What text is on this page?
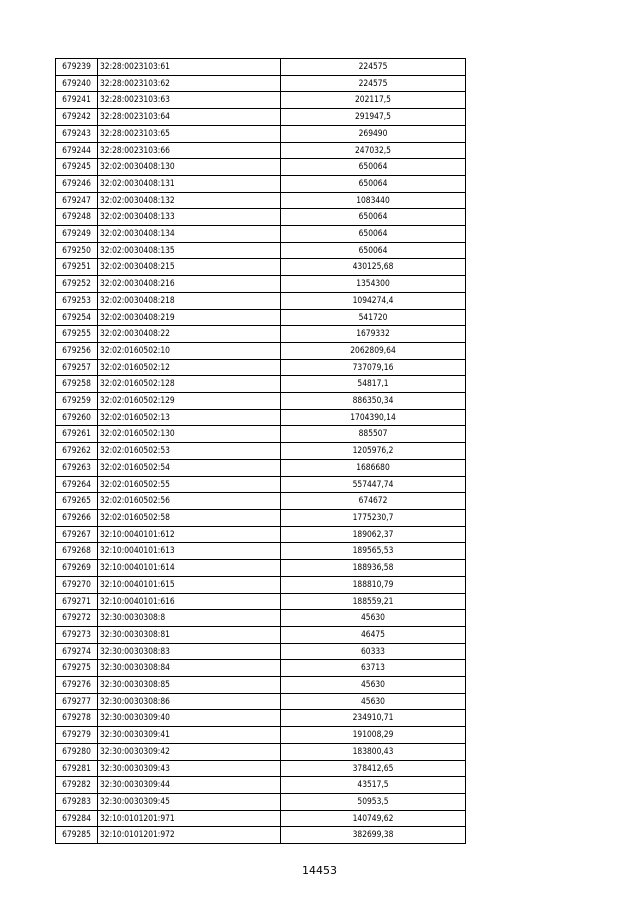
679239	32:28:0023103:61	224575
679240	32:28:0023103:62	224575
679241	32:28:0023103:63	202117,5
679242	32:28:0023103:64	291947,5
679243	32:28:0023103:65	269490
679244	32:28:0023103:66	247032,5
679245	32:02:0030408:130	650064
679246	32:02:0030408:131	650064
679247	32:02:0030408:132	1083440
679248	32:02:0030408:133	650064
679249	32:02:0030408:134	650064
679250	32:02:0030408:135	650064
679251	32:02:0030408:215	430125,68
679252	32:02:0030408:216	1354300
679253	32:02:0030408:218	1094274,4
679254	32:02:0030408:219	541720
679255	32:02:0030408:22	1679332
679256	32:02:0160502:10	2062809,64
679257	32:02:0160502:12	737079,16
679258	32:02:0160502:128	54817,1
679259	32:02:0160502:129	886350,34
679260	32:02:0160502:13	1704390,14
679261	32:02:0160502:130	885507
679262	32:02:0160502:53	1205976,2
679263	32:02:0160502:54	1686680
679264	32:02:0160502:55	557447,74
679265	32:02:0160502:56	674672
679266	32:02:0160502:58	1775230,7
679267	32:10:0040101:612	189062,37
679268	32:10:0040101:613	189565,53
679269	32:10:0040101:614	188936,58
679270	32:10:0040101:615	188810,79
679271	32:10:0040101:616	188559,21
679272	32:30:0030308:8	45630
679273	32:30:0030308:81	46475
679274	32:30:0030308:83	60333
679275	32:30:0030308:84	63713
679276	32:30:0030308:85	45630
679277	32:30:0030308:86	45630
679278	32:30:0030309:40	234910,71
679279	32:30:0030309:41	191008,29
679280	32:30:0030309:42	183800,43
679281	32:30:0030309:43	378412,65
679282	32:30:0030309:44	43517,5
679283	32:30:0030309:45	50953,5
679284	32:10:0101201:971	140749,62
679285	32:10:0101201:972	382699,38
14453
